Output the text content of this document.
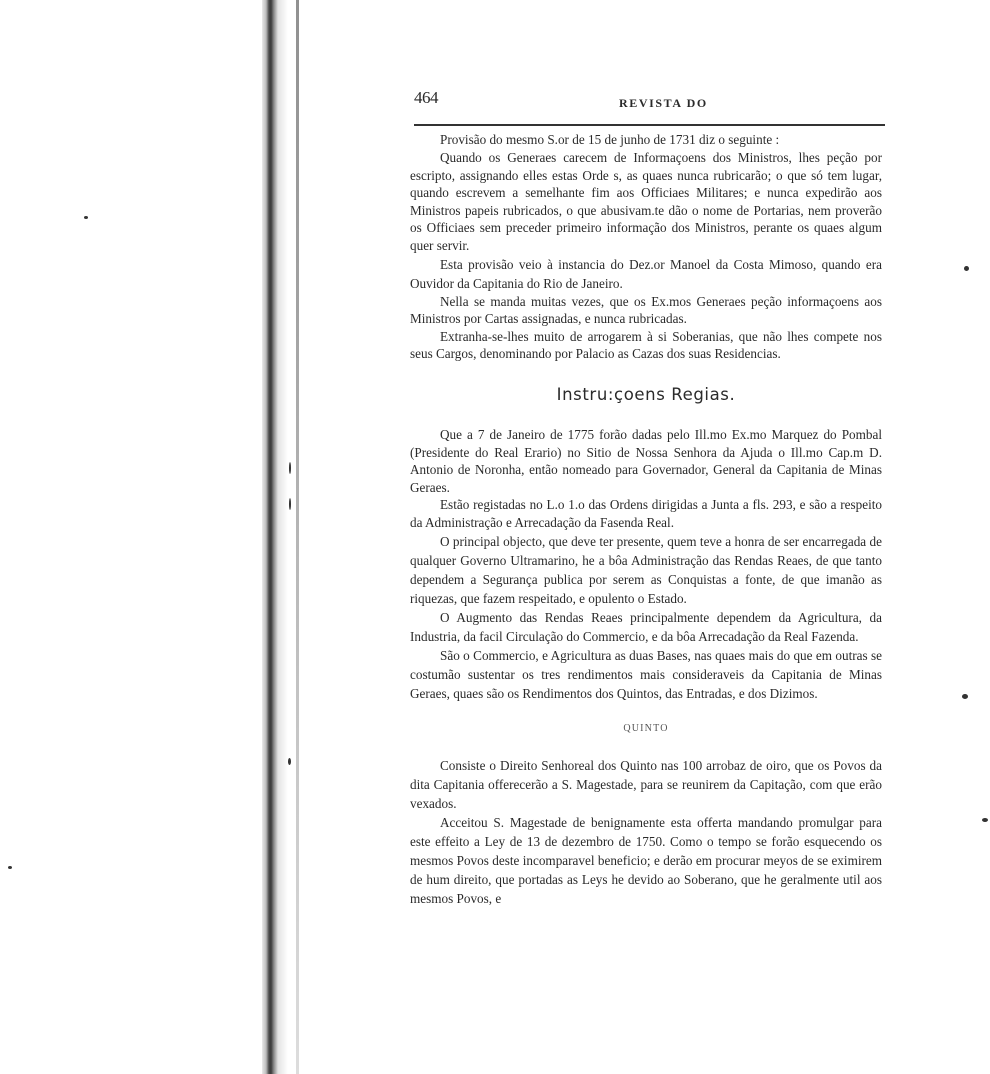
464	REVISTA DO

Provisão do mesmo S.or de 15 de junho de 1731 diz o seguinte :

Quando os Generaes carecem de Informaçoens dos Ministros, lhes peção por escripto, assignando elles estas Orde s, as quaes nunca rubricarão; o que só tem lugar, quando escrevem a semelhante fim aos Officiaes Militares; e nunca expedirão aos Ministros papeis rubricados, o que abusivam.te dão o nome de Portarias, nem proverão os Officiaes sem preceder primeiro informação dos Ministros, perante os quaes algum quer servir.

Esta provisão veio à instancia do Dez.or Manoel da Costa Mimoso, quando era Ouvidor da Capitania do Rio de Janeiro.

Nella se manda muitas vezes, que os Ex.mos Generaes peção informaçoens aos Ministros por Cartas assignadas, e nunca rubricadas.

Extranha-se-lhes muito de arrogarem à si Soberanias, que não lhes compete nos seus Cargos, denominando por Palacio as Cazas dos suas Residencias.

Instru:çoens Regias.

Que a 7 de Janeiro de 1775 forão dadas pelo Ill.mo Ex.mo Marquez do Pombal (Presidente do Real Erario) no Sitio de Nossa Senhora da Ajuda o Ill.mo Cap.m D. Antonio de Noronha, então nomeado para Governador, General da Capitania de Minas Geraes.

Estão registadas no L.o 1.o das Ordens dirigidas a Junta a fls. 293, e são a respeito da Administração e Arrecadação da Fasenda Real.

O principal objecto, que deve ter presente, quem teve a honra de ser encarregada de qualquer Governo Ultramarino, he a bôa Administração das Rendas Reaes, de que tanto dependem a Segurança publica por serem as Conquistas a fonte, de que imanão as riquezas, que fazem respeitado, e opulento o Estado.

O Augmento das Rendas Reaes principalmente dependem da Agricultura, da Industria, da facil Circulação do Commercio, e da bôa Arrecadação da Real Fazenda.

São o Commercio, e Agricultura as duas Bases, nas quaes mais do que em outras se costumão sustentar os tres rendimentos mais consideraveis da Capitania de Minas Geraes, quaes são os Rendimentos dos Quintos, das Entradas, e dos Dizimos.

QUINTO

Consiste o Direito Senhoreal dos Quinto nas 100 arrobaz de oiro, que os Povos da dita Capitania offerecerão a S. Magestade, para se reunirem da Capitação, com que erão vexados.

Acceitou S. Magestade de benignamente esta offerta mandando promulgar para este effeito a Ley de 13 de dezembro de 1750. Como o tempo se forão esquecendo os mesmos Povos deste incomparavel beneficio; e derão em procurar meyos de se eximirem de hum direito, que portadas as Leys he devido ao Soberano, que he geralmente util aos mesmos Povos, e
